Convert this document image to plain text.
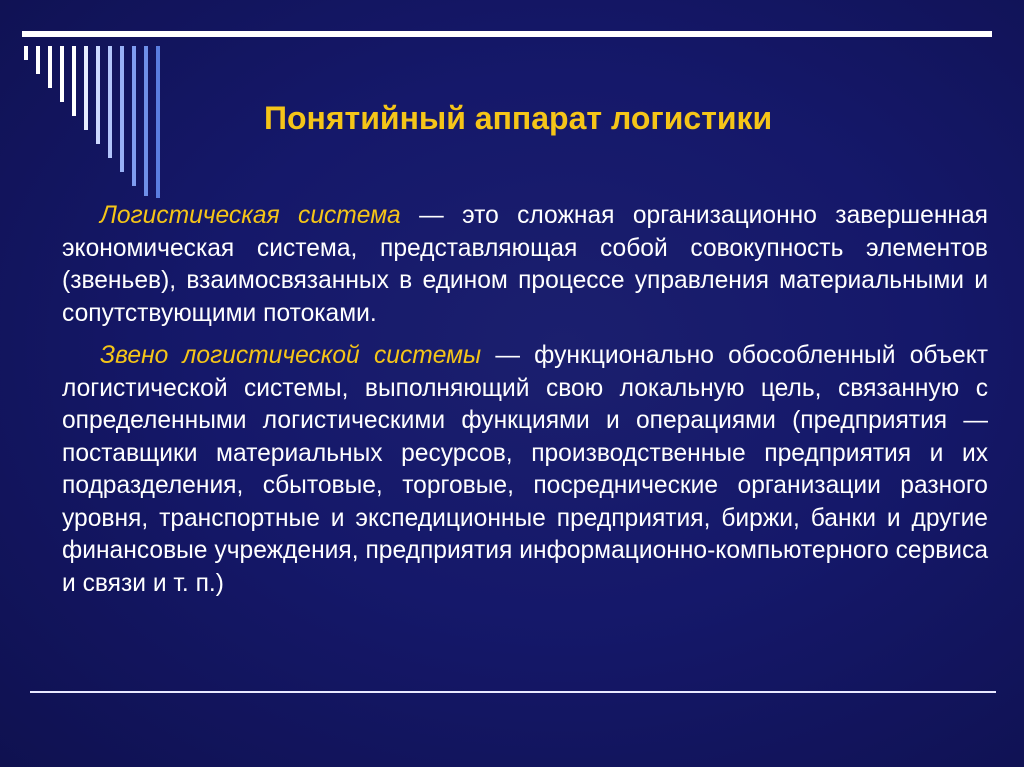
Понятийный аппарат логистики

Логистическая система — это сложная организационно завершенная экономическая система, представляющая собой совокупность элементов (звеньев), взаимосвязанных в едином процессе управления материальными и сопутствующими потоками.

Звено логистической системы — функционально обособленный объект логистической системы, выполняющий свою локальную цель, связанную с определенными логистическими функциями и операциями (предприятия — поставщики материальных ресурсов, производственные предприятия и их подразделения, сбытовые, торговые, посреднические организации разного уровня, транспортные и экспедиционные предприятия, биржи, банки и другие финансовые учреждения, предприятия информационно-компьютерного сервиса и связи и т. п.)
